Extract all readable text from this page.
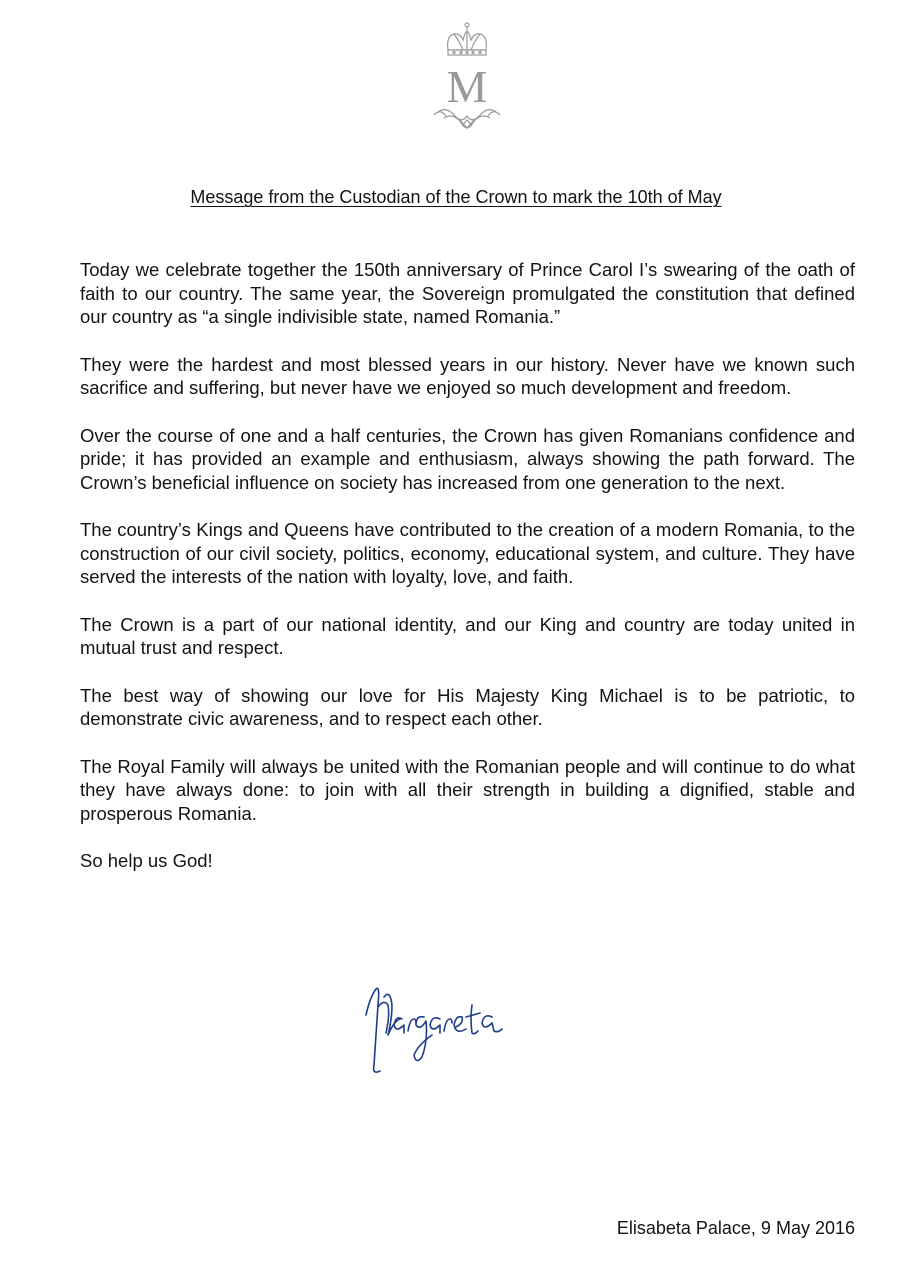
M
Message from the Custodian of the Crown to mark the 10th of May

Today we celebrate together the 150th anniversary of Prince Carol I’s swearing of the oath of faith to our country. The same year, the Sovereign promulgated the constitution that defined our country as “a single indivisible state, named Romania.”

They were the hardest and most blessed years in our history. Never have we known such sacrifice and suffering, but never have we enjoyed so much development and freedom.

Over the course of one and a half centuries, the Crown has given Romanians confidence and pride; it has provided an example and enthusiasm, always showing the path forward. The Crown’s beneficial influence on society has increased from one generation to the next.

The country’s Kings and Queens have contributed to the creation of a modern Romania, to the construction of our civil society, politics, economy, educational system, and culture. They have served the interests of the nation with loyalty, love, and faith.

The Crown is a part of our national identity, and our King and country are today united in mutual trust and respect.

The best way of showing our love for His Majesty King Michael is to be patriotic, to demonstrate civic awareness, and to respect each other.

The Royal Family will always be united with the Romanian people and will continue to do what they have always done: to join with all their strength in building a dignified, stable and prosperous Romania.

So help us God!

Elisabeta Palace, 9 May 2016
